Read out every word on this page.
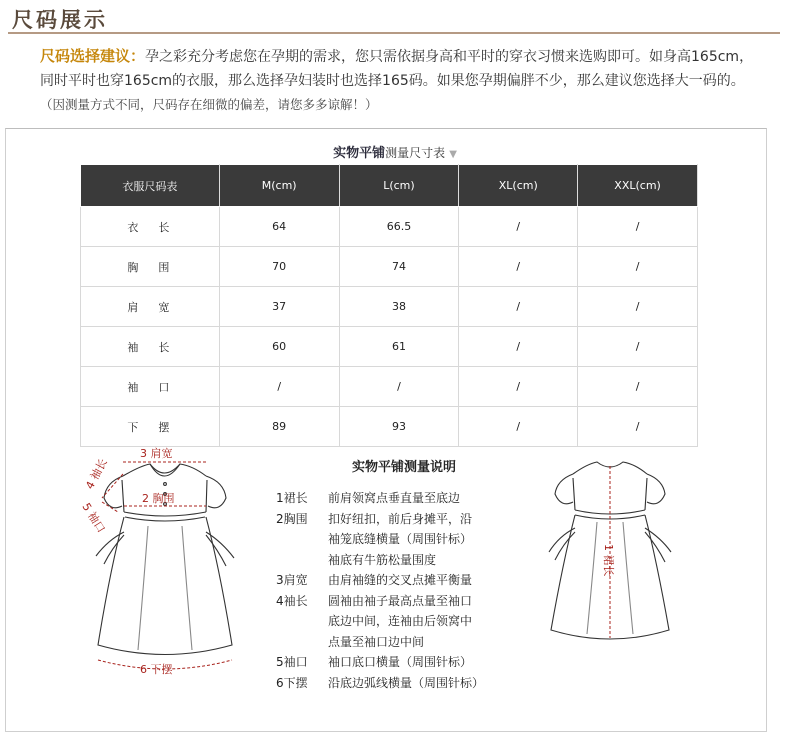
尺码展示
尺码选择建议：孕之彩充分考虑您在孕期的需求，您只需依据身高和平时的穿衣习惯来选购即可。如身高165cm，同时平时也穿165cm的衣服，那么选择孕妇装时也选择165码。如果您孕期偏胖不少，那么建议您选择大一码的。（因测量方式不同，尺码存在细微的偏差，请您多多谅解！）
实物平铺测量尺寸表 ▼
衣服尺码表	M(cm)	L(cm)	XL(cm)	XXL(cm)
衣长	64	66.5	/	/
胸围	70	74	/	/
肩宽	37	38	/	/
袖长	60	61	/	/
袖口	/	/	/	/
下摆	89	93	/	/
实物平铺测量说明
1裙长	前肩领窝点垂直量至底边
2胸围	扣好纽扣，前后身摊平，沿
袖笼底缝横量（周围针标）
袖底有牛筋松量围度
3肩宽	由肩袖缝的交叉点摊平衡量
4袖长	圆袖由袖子最高点量至袖口
底边中间，连袖由后领窝中
点量至袖口边中间
5袖口	袖口底口横量（周围针标）
6下摆	沿底边弧线横量（周围针标）
3 肩宽
2 胸围
4 袖长
5 袖口
6 下摆
1 裙长
